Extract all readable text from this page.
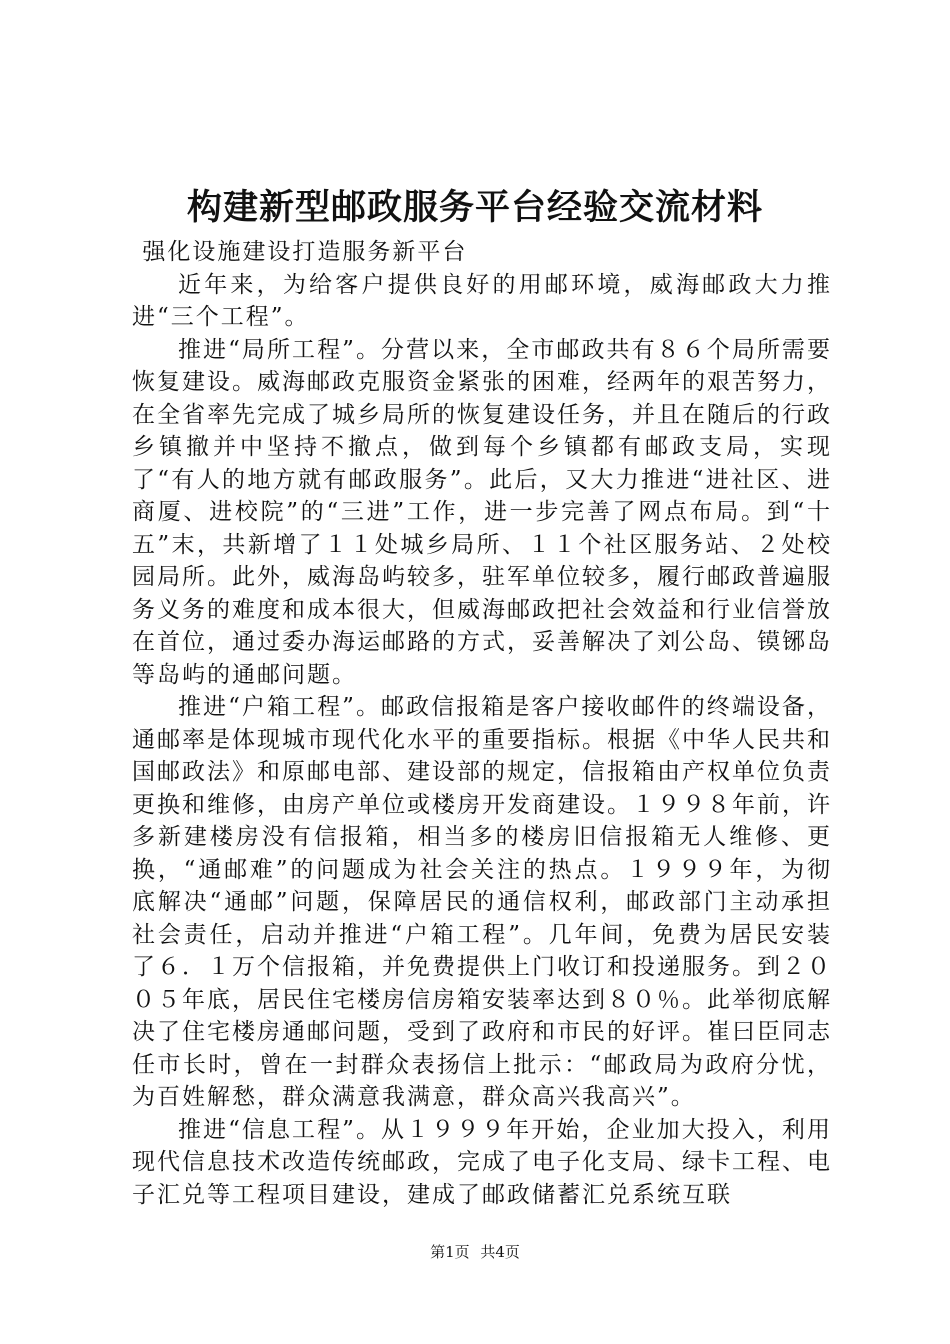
构建新型邮政服务平台经验交流材料

强化设施建设打造服务新平台

近年来，为给客户提供良好的用邮环境，威海邮政大力推进“三个工程”。

推进“局所工程”。分营以来，全市邮政共有８６个局所需要恢复建设。威海邮政克服资金紧张的困难，经两年的艰苦努力，在全省率先完成了城乡局所的恢复建设任务，并且在随后的行政乡镇撤并中坚持不撤点，做到每个乡镇都有邮政支局，实现了“有人的地方就有邮政服务”。此后，又大力推进“进社区、进商厦、进校院”的“三进”工作，进一步完善了网点布局。到“十五”末，共新增了１１处城乡局所、１１个社区服务站、２处校园局所。此外，威海岛屿较多，驻军单位较多，履行邮政普遍服务义务的难度和成本很大，但威海邮政把社会效益和行业信誉放在首位，通过委办海运邮路的方式，妥善解决了刘公岛、镆铘岛等岛屿的通邮问题。

推进“户箱工程”。邮政信报箱是客户接收邮件的终端设备，通邮率是体现城市现代化水平的重要指标。根据《中华人民共和国邮政法》和原邮电部、建设部的规定，信报箱由产权单位负责更换和维修，由房产单位或楼房开发商建设。１９９８年前，许多新建楼房没有信报箱，相当多的楼房旧信报箱无人维修、更换，“通邮难”的问题成为社会关注的热点。１９９９年，为彻底解决“通邮”问题，保障居民的通信权利，邮政部门主动承担社会责任，启动并推进“户箱工程”。几年间，免费为居民安装了６．１万个信报箱，并免费提供上门收订和投递服务。到２００５年底，居民住宅楼房信房箱安装率达到８０％。此举彻底解决了住宅楼房通邮问题，受到了政府和市民的好评。崔曰臣同志任市长时，曾在一封群众表扬信上批示：“邮政局为政府分忧，为百姓解愁，群众满意我满意，群众高兴我高兴”。

推进“信息工程”。从１９９９年开始，企业加大投入，利用现代信息技术改造传统邮政，完成了电子化支局、绿卡工程、电子汇兑等工程项目建设，建成了邮政储蓄汇兑系统互联

第1页 共4页
